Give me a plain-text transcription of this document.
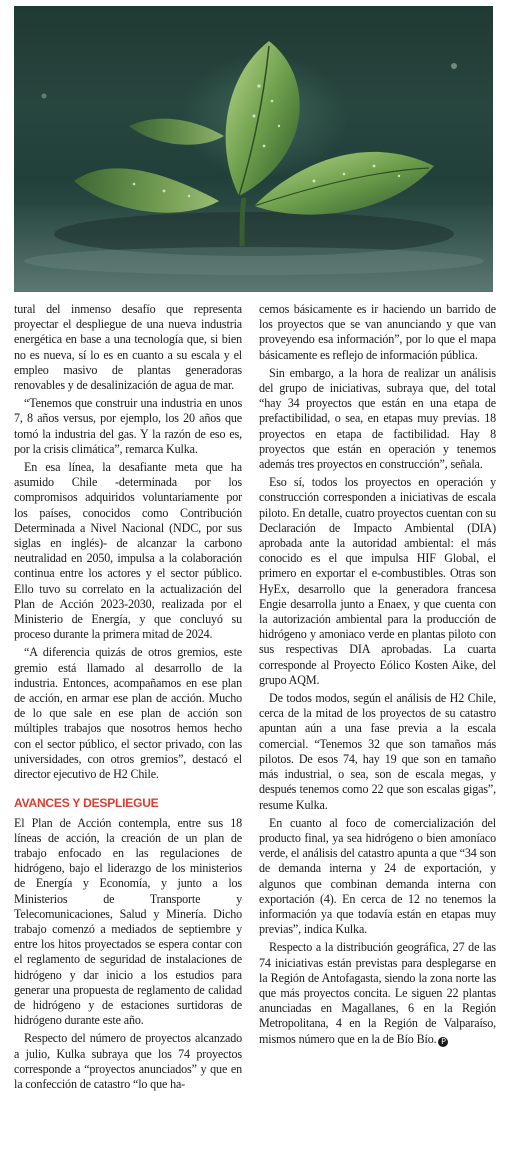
tural del inmenso desafío que representa proyectar el despliegue de una nueva industria energética en base a una tecnología que, si bien no es nueva, sí lo es en cuanto a su escala y el empleo masivo de plantas generadoras renovables y de desalinización de agua de mar.

“Tenemos que construir una industria en unos 7, 8 años versus, por ejemplo, los 20 años que tomó la industria del gas. Y la razón de eso es, por la crisis climática”, remarca Kulka.

En esa línea, la desafiante meta que ha asumido Chile -determinada por los compromisos adquiridos voluntariamente por los países, conocidos como Contribución Determinada a Nivel Nacional (NDC, por sus siglas en inglés)- de alcanzar la carbono neutralidad en 2050, impulsa a la colaboración continua entre los actores y el sector público. Ello tuvo su correlato en la actualización del Plan de Acción 2023-2030, realizada por el Ministerio de Energía, y que concluyó su proceso durante la primera mitad de 2024.

“A diferencia quizás de otros gremios, este gremio está llamado al desarrollo de la industria. Entonces, acompañamos en ese plan de acción, en armar ese plan de acción. Mucho de lo que sale en ese plan de acción son múltiples trabajos que nosotros hemos hecho con el sector público, el sector privado, con las universidades, con otros gremios”, destacó el director ejecutivo de H2 Chile.

AVANCES Y DESPLIEGUE

El Plan de Acción contempla, entre sus 18 líneas de acción, la creación de un plan de trabajo enfocado en las regulaciones de hidrógeno, bajo el liderazgo de los ministerios de Energía y Economía, y junto a los Ministerios de Transporte y Telecomunicaciones, Salud y Minería. Dicho trabajo comenzó a mediados de septiembre y entre los hitos proyectados se espera contar con el reglamento de seguridad de instalaciones de hidrógeno y dar inicio a los estudios para generar una propuesta de reglamento de calidad de hidrógeno y de estaciones surtidoras de hidrógeno durante este año.

Respecto del número de proyectos alcanzado a julio, Kulka subraya que los 74 proyectos corresponde a “proyectos anunciados” y que en la confección de catastro “lo que ha-

cemos básicamente es ir haciendo un barrido de los proyectos que se van anunciando y que van proveyendo esa información”, por lo que el mapa básicamente es reflejo de información pública.

Sin embargo, a la hora de realizar un análisis del grupo de iniciativas, subraya que, del total “hay 34 proyectos que están en una etapa de prefactibilidad, o sea, en etapas muy previas. 18 proyectos en etapa de factibilidad. Hay 8 proyectos que están en operación y tenemos además tres proyectos en construcción”, señala.

Eso sí, todos los proyectos en operación y construcción corresponden a iniciativas de escala piloto. En detalle, cuatro proyectos cuentan con su Declaración de Impacto Ambiental (DIA) aprobada ante la autoridad ambiental: el más conocido es el que impulsa HIF Global, el primero en exportar el e-combustibles. Otras son HyEx, desarrollo que la generadora francesa Engie desarrolla junto a Enaex, y que cuenta con la autorización ambiental para la producción de hidrógeno y amoniaco verde en plantas piloto con sus respectivas DIA aprobadas. La cuarta corresponde al Proyecto Eólico Kosten Aike, del grupo AQM.

De todos modos, según el análisis de H2 Chile, cerca de la mitad de los proyectos de su catastro apuntan aún a una fase previa a la escala comercial. “Tenemos 32 que son tamaños más pilotos. De esos 74, hay 19 que son en tamaño más industrial, o sea, son de escala megas, y después tenemos como 22 que son escalas gigas”, resume Kulka.

En cuanto al foco de comercialización del producto final, ya sea hidrógeno o bien amoníaco verde, el análisis del catastro apunta a que “34 son de demanda interna y 24 de exportación, y algunos que combinan demanda interna con exportación (4). En cerca de 12 no tenemos la información ya que todavía están en etapas muy previas”, indica Kulka.

Respecto a la distribución geográfica, 27 de las 74 iniciativas están previstas para desplegarse en la Región de Antofagasta, siendo la zona norte las que más proyectos concita. Le siguen 22 plantas anunciadas en Magallanes, 6 en la Región Metropolitana, 4 en la Región de Valparaíso, mismos número que en la de Bío Bío. P
